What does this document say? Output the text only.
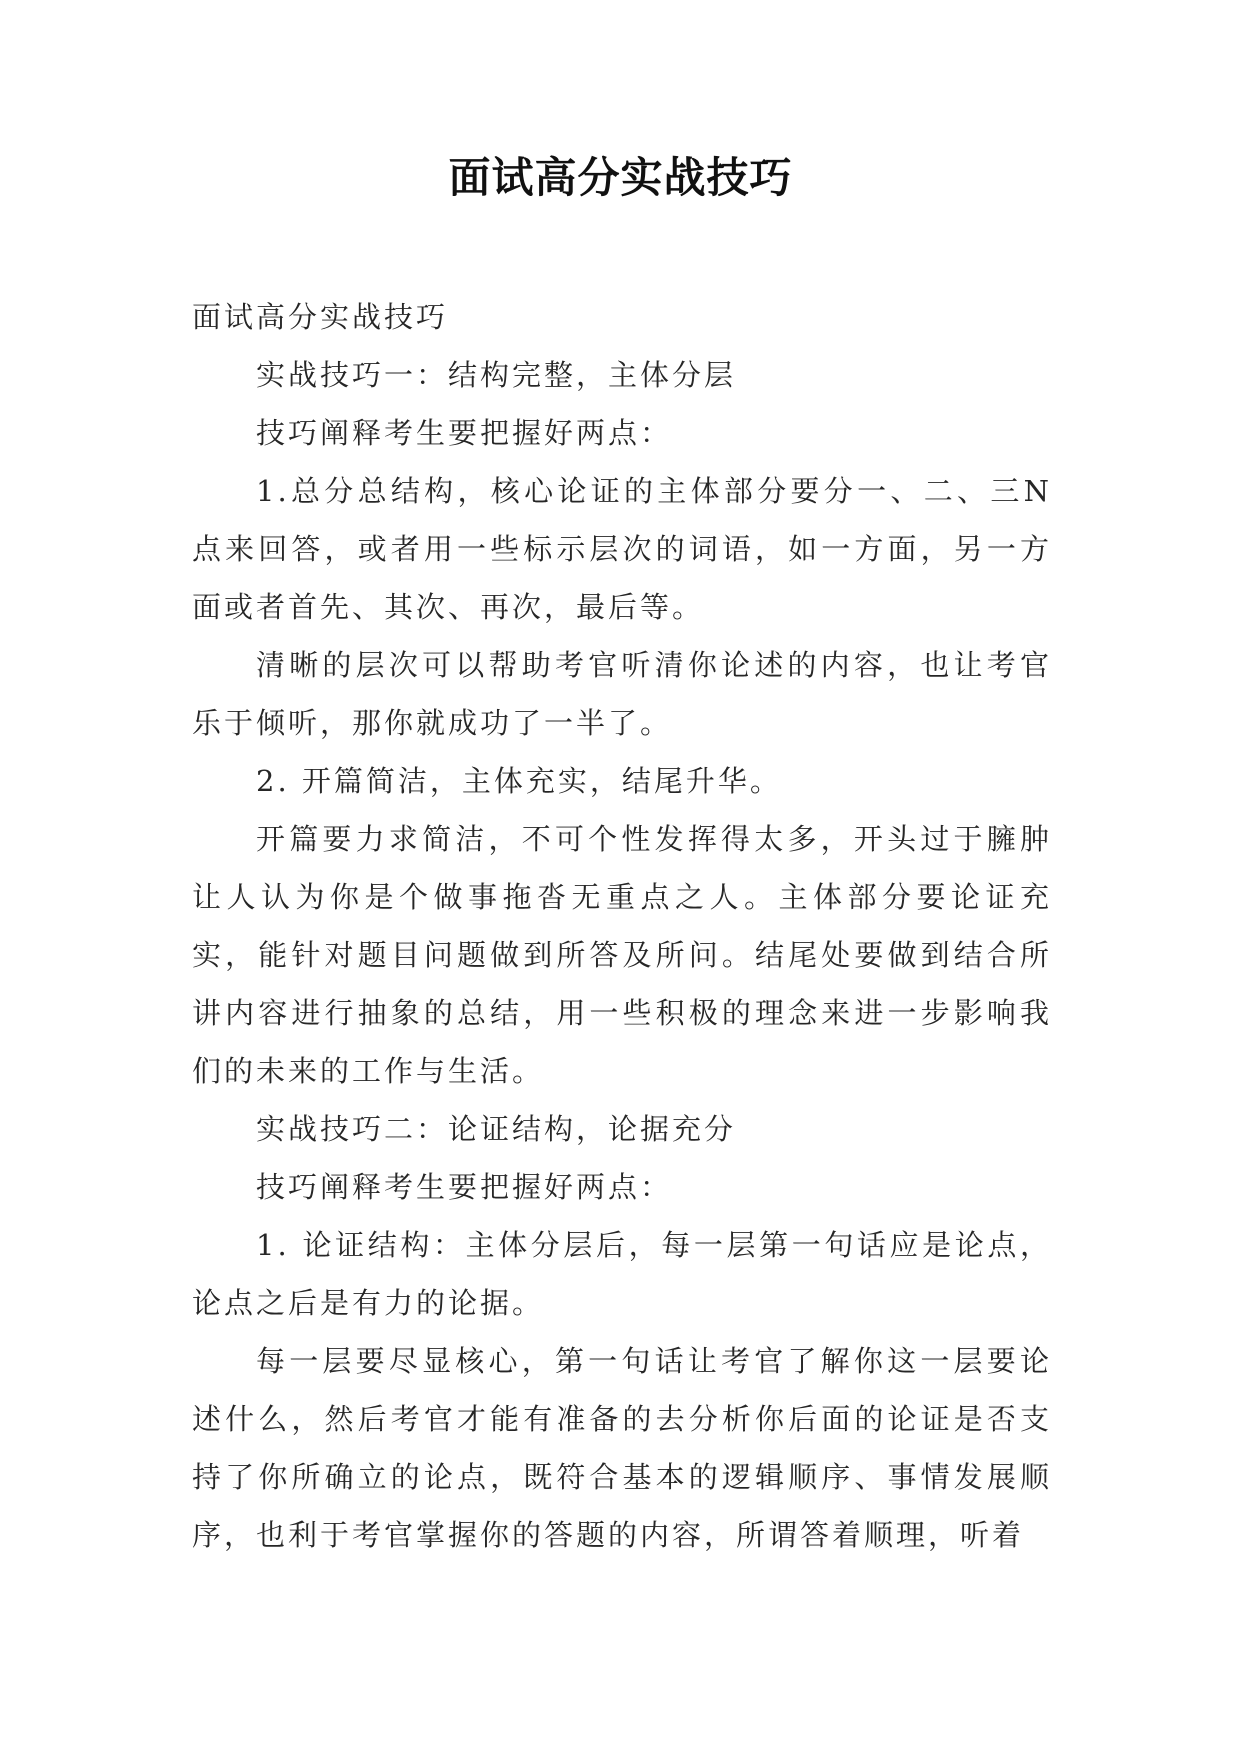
面试高分实战技巧

面试高分实战技巧

实战技巧一：结构完整，主体分层

技巧阐释考生要把握好两点：

1.总分总结构，核心论证的主体部分要分一、二、三N点来回答，或者用一些标示层次的词语，如一方面，另一方面或者首先、其次、再次，最后等。

清晰的层次可以帮助考官听清你论述的内容，也让考官乐于倾听，那你就成功了一半了。

2. 开篇简洁，主体充实，结尾升华。

开篇要力求简洁，不可个性发挥得太多，开头过于臃肿让人认为你是个做事拖沓无重点之人。主体部分要论证充实，能针对题目问题做到所答及所问。结尾处要做到结合所讲内容进行抽象的总结，用一些积极的理念来进一步影响我们的未来的工作与生活。

实战技巧二：论证结构，论据充分

技巧阐释考生要把握好两点：

1. 论证结构：主体分层后，每一层第一句话应是论点，论点之后是有力的论据。

每一层要尽显核心，第一句话让考官了解你这一层要论述什么，然后考官才能有准备的去分析你后面的论证是否支持了你所确立的论点，既符合基本的逻辑顺序、事情发展顺序，也利于考官掌握你的答题的内容，所谓答着顺理，听着
